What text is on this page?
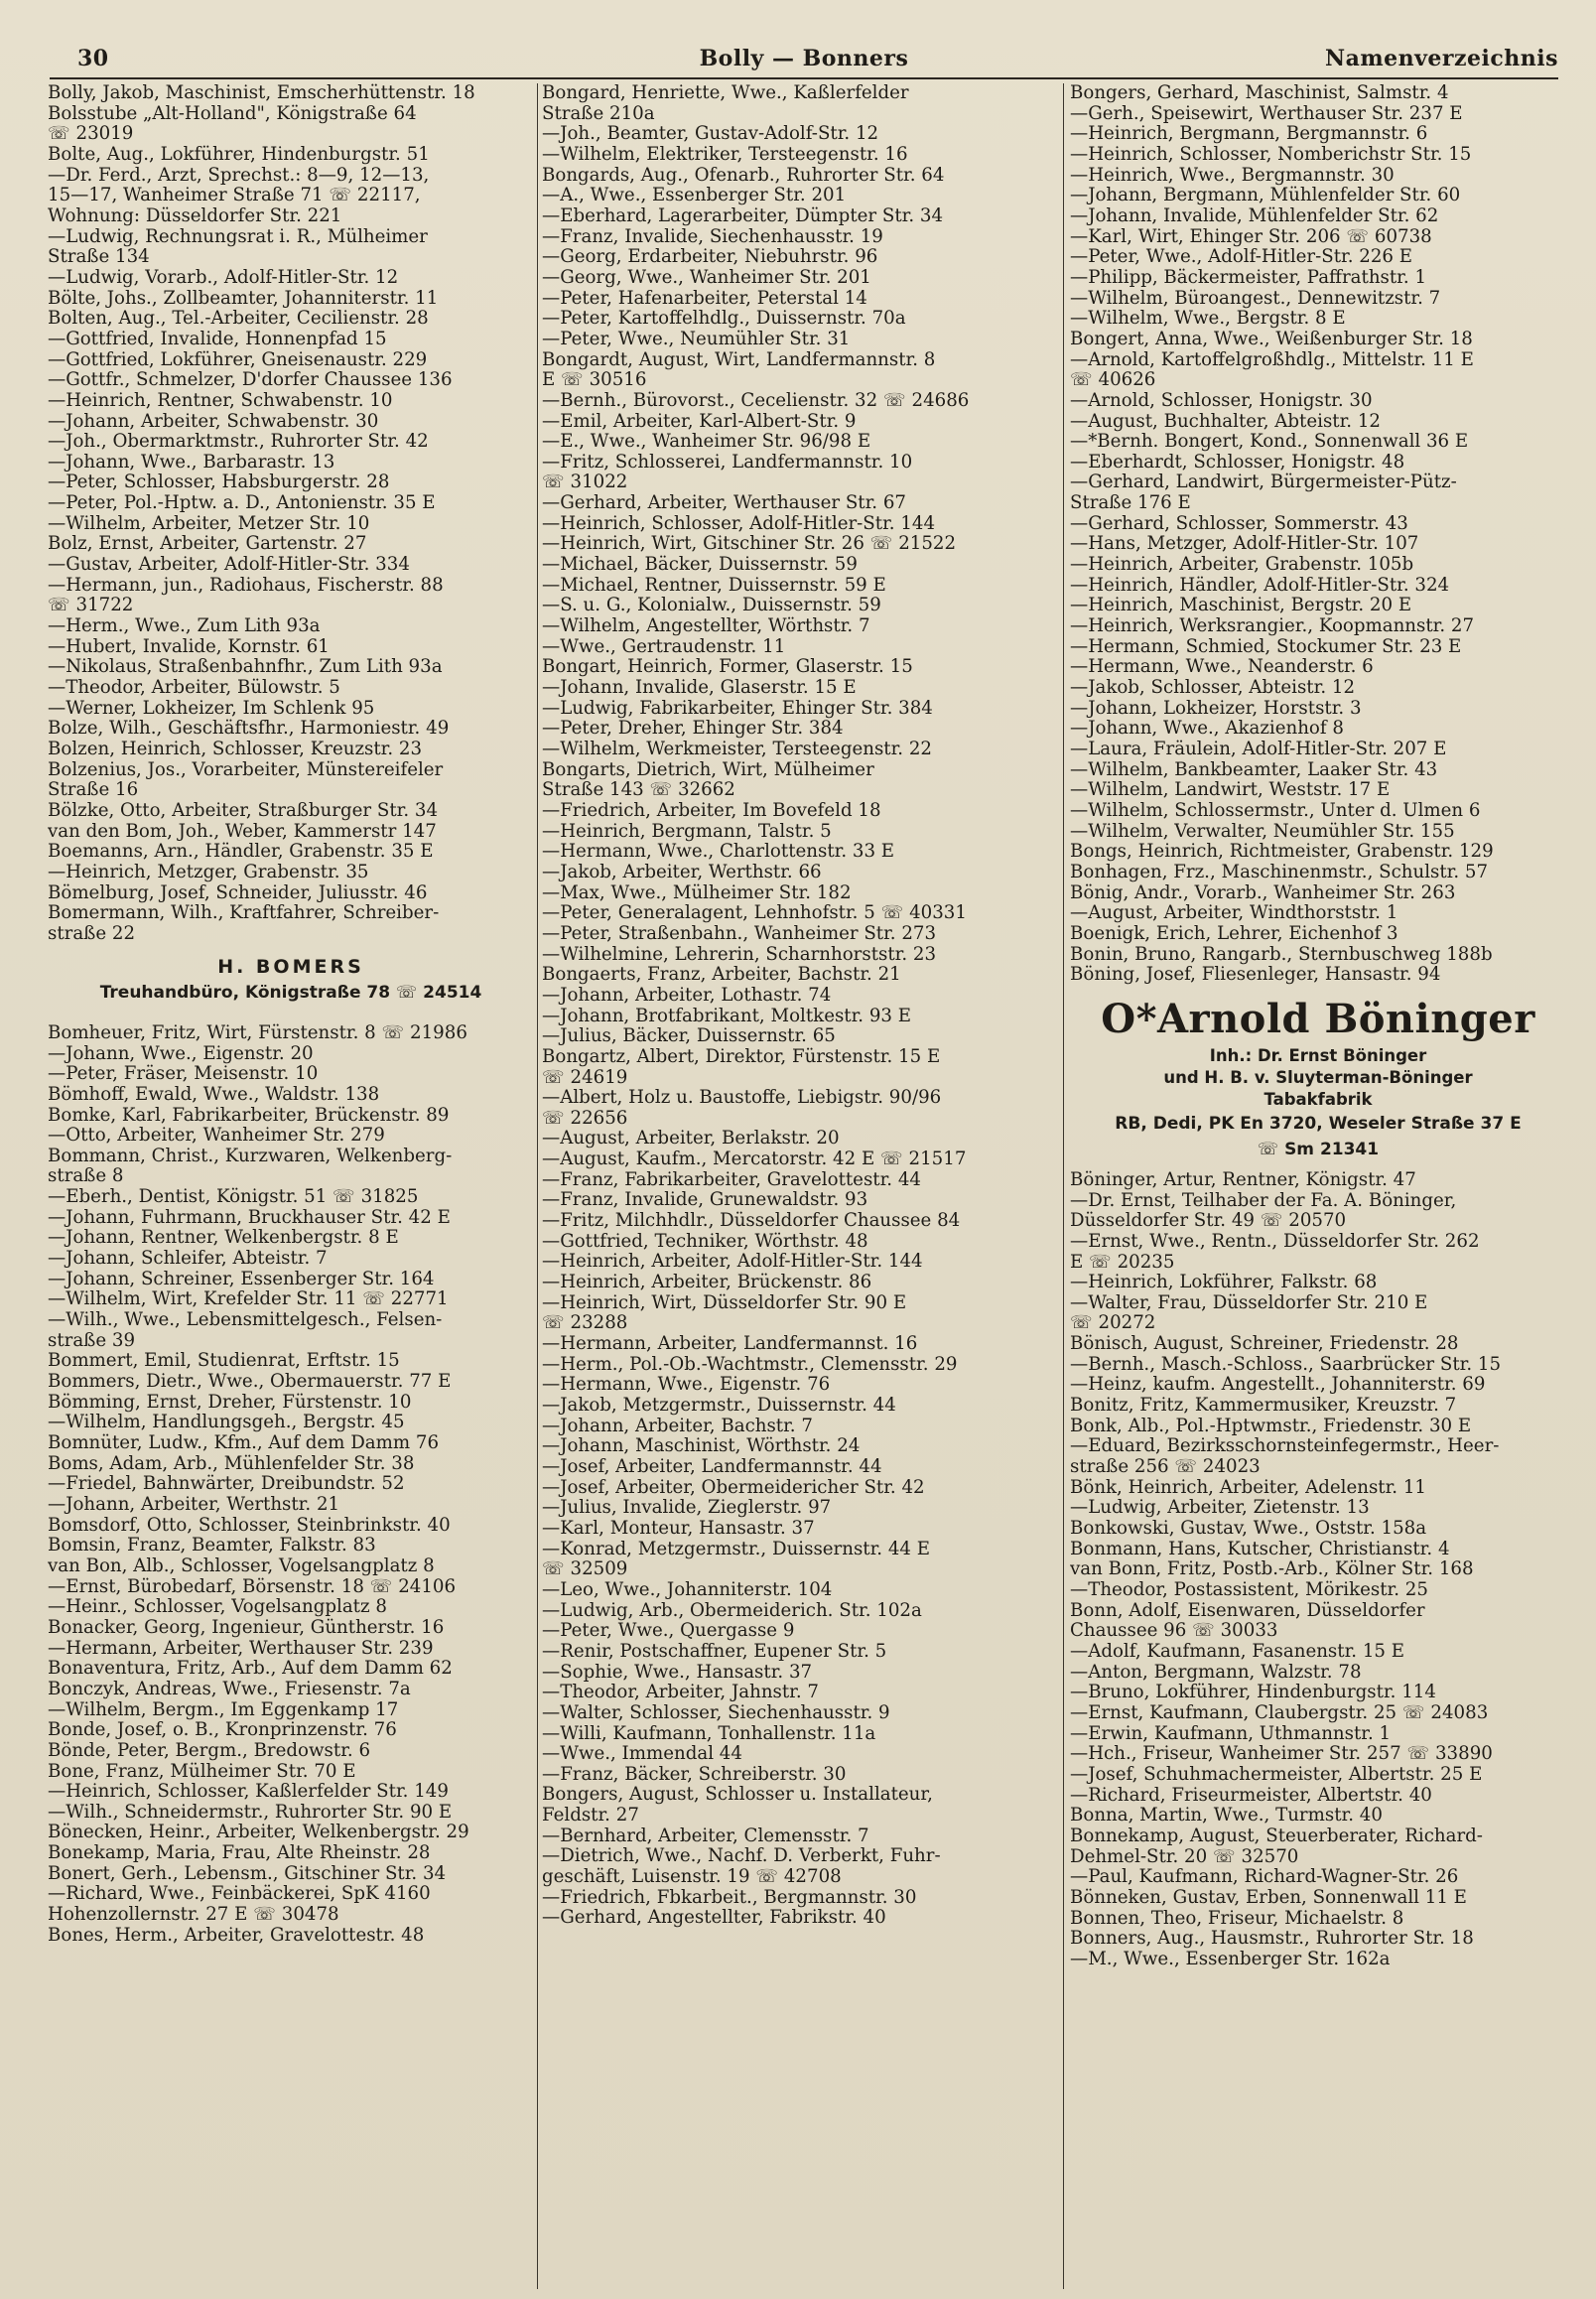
30	Bolly — Bonners	Namenverzeichnis
Bolly, Jakob, Maschinist, Emscherhüttenstr. 18
Bolsstube „Alt-Holland", Königstraße 64
☏ 23019
Bolte, Aug., Lokführer, Hindenburgstr. 51
—Dr. Ferd., Arzt, Sprechst.: 8—9, 12—13,
15—17, Wanheimer Straße 71 ☏ 22117,
Wohnung: Düsseldorfer Str. 221
—Ludwig, Rechnungsrat i. R., Mülheimer
Straße 134
—Ludwig, Vorarb., Adolf-Hitler-Str. 12
Bölte, Johs., Zollbeamter, Johanniterstr. 11
Bolten, Aug., Tel.-Arbeiter, Cecilienstr. 28
—Gottfried, Invalide, Honnenpfad 15
—Gottfried, Lokführer, Gneisenaustr. 229
—Gottfr., Schmelzer, D'dorfer Chaussee 136
—Heinrich, Rentner, Schwabenstr. 10
—Johann, Arbeiter, Schwabenstr. 30
—Joh., Obermarktmstr., Ruhrorter Str. 42
—Johann, Wwe., Barbarastr. 13
—Peter, Schlosser, Habsburgerstr. 28
—Peter, Pol.-Hptw. a. D., Antonienstr. 35 E
—Wilhelm, Arbeiter, Metzer Str. 10
Bolz, Ernst, Arbeiter, Gartenstr. 27
—Gustav, Arbeiter, Adolf-Hitler-Str. 334
—Hermann, jun., Radiohaus, Fischerstr. 88
☏ 31722
—Herm., Wwe., Zum Lith 93a
—Hubert, Invalide, Kornstr. 61
—Nikolaus, Straßenbahnfhr., Zum Lith 93a
—Theodor, Arbeiter, Bülowstr. 5
—Werner, Lokheizer, Im Schlenk 95
Bolze, Wilh., Geschäftsfhr., Harmoniestr. 49
Bolzen, Heinrich, Schlosser, Kreuzstr. 23
Bolzenius, Jos., Vorarbeiter, Münstereifeler
Straße 16
Bölzke, Otto, Arbeiter, Straßburger Str. 34
van den Bom, Joh., Weber, Kammerstr 147
Boemanns, Arn., Händler, Grabenstr. 35 E
—Heinrich, Metzger, Grabenstr. 35
Bömelburg, Josef, Schneider, Juliusstr. 46
Bomermann, Wilh., Kraftfahrer, Schreiber-
straße 22
H. BOMERS
Treuhandbüro, Königstraße 78 ☏ 24514
Bomheuer, Fritz, Wirt, Fürstenstr. 8 ☏ 21986
—Johann, Wwe., Eigenstr. 20
—Peter, Fräser, Meisenstr. 10
Bömhoff, Ewald, Wwe., Waldstr. 138
Bomke, Karl, Fabrikarbeiter, Brückenstr. 89
—Otto, Arbeiter, Wanheimer Str. 279
Bommann, Christ., Kurzwaren, Welkenberg-
straße 8
—Eberh., Dentist, Königstr. 51 ☏ 31825
—Johann, Fuhrmann, Bruckhauser Str. 42 E
—Johann, Rentner, Welkenbergstr. 8 E
—Johann, Schleifer, Abteistr. 7
—Johann, Schreiner, Essenberger Str. 164
—Wilhelm, Wirt, Krefelder Str. 11 ☏ 22771
—Wilh., Wwe., Lebensmittelgesch., Felsen-
straße 39
Bommert, Emil, Studienrat, Erftstr. 15
Bommers, Dietr., Wwe., Obermauerstr. 77 E
Bömming, Ernst, Dreher, Fürstenstr. 10
—Wilhelm, Handlungsgeh., Bergstr. 45
Bomnüter, Ludw., Kfm., Auf dem Damm 76
Boms, Adam, Arb., Mühlenfelder Str. 38
—Friedel, Bahnwärter, Dreibundstr. 52
—Johann, Arbeiter, Werthstr. 21
Bomsdorf, Otto, Schlosser, Steinbrinkstr. 40
Bomsin, Franz, Beamter, Falkstr. 83
van Bon, Alb., Schlosser, Vogelsangplatz 8
—Ernst, Bürobedarf, Börsenstr. 18 ☏ 24106
—Heinr., Schlosser, Vogelsangplatz 8
Bonacker, Georg, Ingenieur, Güntherstr. 16
—Hermann, Arbeiter, Werthauser Str. 239
Bonaventura, Fritz, Arb., Auf dem Damm 62
Bonczyk, Andreas, Wwe., Friesenstr. 7a
—Wilhelm, Bergm., Im Eggenkamp 17
Bonde, Josef, o. B., Kronprinzenstr. 76
Bönde, Peter, Bergm., Bredowstr. 6
Bone, Franz, Mülheimer Str. 70 E
—Heinrich, Schlosser, Kaßlerfelder Str. 149
—Wilh., Schneidermstr., Ruhrorter Str. 90 E
Bönecken, Heinr., Arbeiter, Welkenbergstr. 29
Bonekamp, Maria, Frau, Alte Rheinstr. 28
Bonert, Gerh., Lebensm., Gitschiner Str. 34
—Richard, Wwe., Feinbäckerei, SpK 4160
Hohenzollernstr. 27 E ☏ 30478
Bones, Herm., Arbeiter, Gravelottestr. 48
Bongard, Henriette, Wwe., Kaßlerfelder
Straße 210a
—Joh., Beamter, Gustav-Adolf-Str. 12
—Wilhelm, Elektriker, Tersteegenstr. 16
Bongards, Aug., Ofenarb., Ruhrorter Str. 64
—A., Wwe., Essenberger Str. 201
—Eberhard, Lagerarbeiter, Dümpter Str. 34
—Franz, Invalide, Siechenhausstr. 19
—Georg, Erdarbeiter, Niebuhrstr. 96
—Georg, Wwe., Wanheimer Str. 201
—Peter, Hafenarbeiter, Peterstal 14
—Peter, Kartoffelhdlg., Duissernstr. 70a
—Peter, Wwe., Neumühler Str. 31
Bongardt, August, Wirt, Landfermannstr. 8
E ☏ 30516
—Bernh., Bürovorst., Cecelienstr. 32 ☏ 24686
—Emil, Arbeiter, Karl-Albert-Str. 9
—E., Wwe., Wanheimer Str. 96/98 E
—Fritz, Schlosserei, Landfermannstr. 10
☏ 31022
—Gerhard, Arbeiter, Werthauser Str. 67
—Heinrich, Schlosser, Adolf-Hitler-Str. 144
—Heinrich, Wirt, Gitschiner Str. 26 ☏ 21522
—Michael, Bäcker, Duissernstr. 59
—Michael, Rentner, Duissernstr. 59 E
—S. u. G., Kolonialw., Duissernstr. 59
—Wilhelm, Angestellter, Wörthstr. 7
—Wwe., Gertraudenstr. 11
Bongart, Heinrich, Former, Glaserstr. 15
—Johann, Invalide, Glaserstr. 15 E
—Ludwig, Fabrikarbeiter, Ehinger Str. 384
—Peter, Dreher, Ehinger Str. 384
—Wilhelm, Werkmeister, Tersteegenstr. 22
Bongarts, Dietrich, Wirt, Mülheimer
Straße 143 ☏ 32662
—Friedrich, Arbeiter, Im Bovefeld 18
—Heinrich, Bergmann, Talstr. 5
—Hermann, Wwe., Charlottenstr. 33 E
—Jakob, Arbeiter, Werthstr. 66
—Max, Wwe., Mülheimer Str. 182
—Peter, Generalagent, Lehnhofstr. 5 ☏ 40331
—Peter, Straßenbahn., Wanheimer Str. 273
—Wilhelmine, Lehrerin, Scharnhorststr. 23
Bongaerts, Franz, Arbeiter, Bachstr. 21
—Johann, Arbeiter, Lothastr. 74
—Johann, Brotfabrikant, Moltkestr. 93 E
—Julius, Bäcker, Duissernstr. 65
Bongartz, Albert, Direktor, Fürstenstr. 15 E
☏ 24619
—Albert, Holz u. Baustoffe, Liebigstr. 90/96
☏ 22656
—August, Arbeiter, Berlakstr. 20
—August, Kaufm., Mercatorstr. 42 E ☏ 21517
—Franz, Fabrikarbeiter, Gravelottestr. 44
—Franz, Invalide, Grunewaldstr. 93
—Fritz, Milchhdlr., Düsseldorfer Chaussee 84
—Gottfried, Techniker, Wörthstr. 48
—Heinrich, Arbeiter, Adolf-Hitler-Str. 144
—Heinrich, Arbeiter, Brückenstr. 86
—Heinrich, Wirt, Düsseldorfer Str. 90 E
☏ 23288
—Hermann, Arbeiter, Landfermannst. 16
—Herm., Pol.-Ob.-Wachtmstr., Clemensstr. 29
—Hermann, Wwe., Eigenstr. 76
—Jakob, Metzgermstr., Duissernstr. 44
—Johann, Arbeiter, Bachstr. 7
—Johann, Maschinist, Wörthstr. 24
—Josef, Arbeiter, Landfermannstr. 44
—Josef, Arbeiter, Obermeidericher Str. 42
—Julius, Invalide, Zieglerstr. 97
—Karl, Monteur, Hansastr. 37
—Konrad, Metzgermstr., Duissernstr. 44 E
☏ 32509
—Leo, Wwe., Johanniterstr. 104
—Ludwig, Arb., Obermeiderich. Str. 102a
—Peter, Wwe., Quergasse 9
—Renir, Postschaffner, Eupener Str. 5
—Sophie, Wwe., Hansastr. 37
—Theodor, Arbeiter, Jahnstr. 7
—Walter, Schlosser, Siechenhausstr. 9
—Willi, Kaufmann, Tonhallenstr. 11a
—Wwe., Immendal 44
—Franz, Bäcker, Schreiberstr. 30
Bongers, August, Schlosser u. Installateur,
Feldstr. 27
—Bernhard, Arbeiter, Clemensstr. 7
—Dietrich, Wwe., Nachf. D. Verberkt, Fuhr-
geschäft, Luisenstr. 19 ☏ 42708
—Friedrich, Fbkarbeit., Bergmannstr. 30
—Gerhard, Angestellter, Fabrikstr. 40
Bongers, Gerhard, Maschinist, Salmstr. 4
—Gerh., Speisewirt, Werthauser Str. 237 E
—Heinrich, Bergmann, Bergmannstr. 6
—Heinrich, Schlosser, Nomberichstr Str. 15
—Heinrich, Wwe., Bergmannstr. 30
—Johann, Bergmann, Mühlenfelder Str. 60
—Johann, Invalide, Mühlenfelder Str. 62
—Karl, Wirt, Ehinger Str. 206 ☏ 60738
—Peter, Wwe., Adolf-Hitler-Str. 226 E
—Philipp, Bäckermeister, Paffrathstr. 1
—Wilhelm, Büroangest., Dennewitzstr. 7
—Wilhelm, Wwe., Bergstr. 8 E
Bongert, Anna, Wwe., Weißenburger Str. 18
—Arnold, Kartoffelgroßhdlg., Mittelstr. 11 E
☏ 40626
—Arnold, Schlosser, Honigstr. 30
—August, Buchhalter, Abteistr. 12
—*Bernh. Bongert, Kond., Sonnenwall 36 E
—Eberhardt, Schlosser, Honigstr. 48
—Gerhard, Landwirt, Bürgermeister-Pütz-
Straße 176 E
—Gerhard, Schlosser, Sommerstr. 43
—Hans, Metzger, Adolf-Hitler-Str. 107
—Heinrich, Arbeiter, Grabenstr. 105b
—Heinrich, Händler, Adolf-Hitler-Str. 324
—Heinrich, Maschinist, Bergstr. 20 E
—Heinrich, Werksrangier., Koopmannstr. 27
—Hermann, Schmied, Stockumer Str. 23 E
—Hermann, Wwe., Neanderstr. 6
—Jakob, Schlosser, Abteistr. 12
—Johann, Lokheizer, Horststr. 3
—Johann, Wwe., Akazienhof 8
—Laura, Fräulein, Adolf-Hitler-Str. 207 E
—Wilhelm, Bankbeamter, Laaker Str. 43
—Wilhelm, Landwirt, Weststr. 17 E
—Wilhelm, Schlossermstr., Unter d. Ulmen 6
—Wilhelm, Verwalter, Neumühler Str. 155
Bongs, Heinrich, Richtmeister, Grabenstr. 129
Bonhagen, Frz., Maschinenmstr., Schulstr. 57
Bönig, Andr., Vorarb., Wanheimer Str. 263
—August, Arbeiter, Windthorststr. 1
Boenigk, Erich, Lehrer, Eichenhof 3
Bonin, Bruno, Rangarb., Sternbuschweg 188b
Böning, Josef, Fliesenleger, Hansastr. 94
O*Arnold Böninger
Inh.: Dr. Ernst Böninger
und H. B. v. Sluyterman-Böninger
Tabakfabrik
RB, Dedi, PK En 3720, Weseler Straße 37 E
☏ Sm 21341
Böninger, Artur, Rentner, Königstr. 47
—Dr. Ernst, Teilhaber der Fa. A. Böninger,
Düsseldorfer Str. 49 ☏ 20570
—Ernst, Wwe., Rentn., Düsseldorfer Str. 262
E ☏ 20235
—Heinrich, Lokführer, Falkstr. 68
—Walter, Frau, Düsseldorfer Str. 210 E
☏ 20272
Bönisch, August, Schreiner, Friedenstr. 28
—Bernh., Masch.-Schloss., Saarbrücker Str. 15
—Heinz, kaufm. Angestellt., Johanniterstr. 69
Bonitz, Fritz, Kammermusiker, Kreuzstr. 7
Bonk, Alb., Pol.-Hptwmstr., Friedenstr. 30 E
—Eduard, Bezirksschornsteinfegermstr., Heer-
straße 256 ☏ 24023
Bönk, Heinrich, Arbeiter, Adelenstr. 11
—Ludwig, Arbeiter, Zietenstr. 13
Bonkowski, Gustav, Wwe., Oststr. 158a
Bonmann, Hans, Kutscher, Christianstr. 4
van Bonn, Fritz, Postb.-Arb., Kölner Str. 168
—Theodor, Postassistent, Mörikestr. 25
Bonn, Adolf, Eisenwaren, Düsseldorfer
Chaussee 96 ☏ 30033
—Adolf, Kaufmann, Fasanenstr. 15 E
—Anton, Bergmann, Walzstr. 78
—Bruno, Lokführer, Hindenburgstr. 114
—Ernst, Kaufmann, Claubergstr. 25 ☏ 24083
—Erwin, Kaufmann, Uthmannstr. 1
—Hch., Friseur, Wanheimer Str. 257 ☏ 33890
—Josef, Schuhmachermeister, Albertstr. 25 E
—Richard, Friseurmeister, Albertstr. 40
Bonna, Martin, Wwe., Turmstr. 40
Bonnekamp, August, Steuerberater, Richard-
Dehmel-Str. 20 ☏ 32570
—Paul, Kaufmann, Richard-Wagner-Str. 26
Bönneken, Gustav, Erben, Sonnenwall 11 E
Bonnen, Theo, Friseur, Michaelstr. 8
Bonners, Aug., Hausmstr., Ruhrorter Str. 18
—M., Wwe., Essenberger Str. 162a
